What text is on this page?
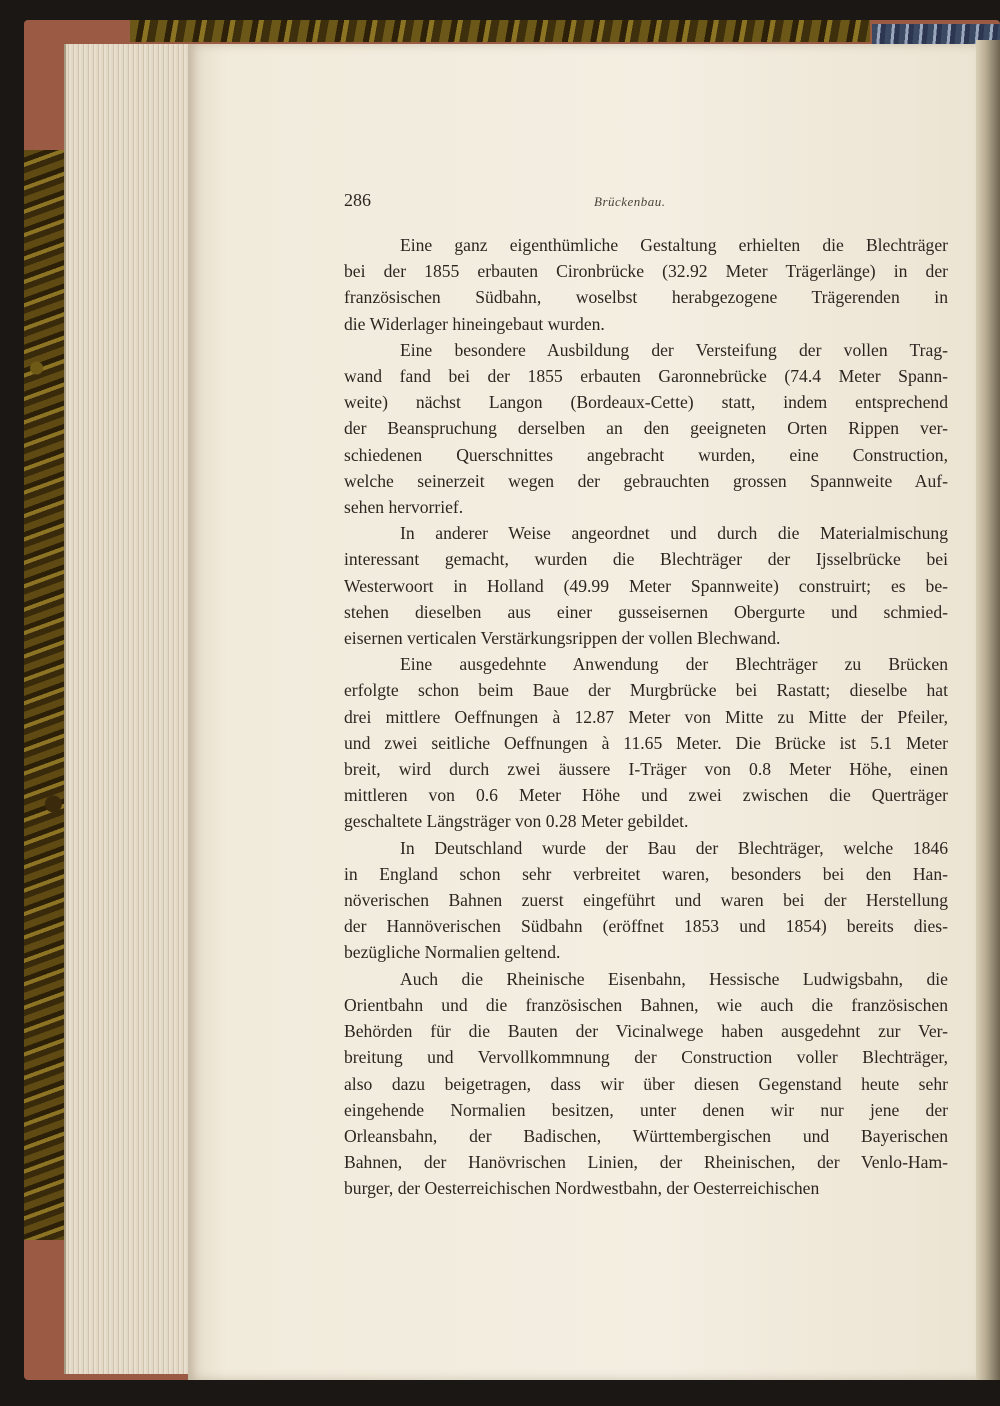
286	Brückenbau.
Eine ganz eigenthümliche Gestaltung erhielten die Blechträger
bei der 1855 erbauten Cironbrücke (32.92 Meter Trägerlänge) in der
französischen Südbahn, woselbst herabgezogene Trägerenden in
die Widerlager hineingebaut wurden.
Eine besondere Ausbildung der Versteifung der vollen Trag-
wand fand bei der 1855 erbauten Garonnebrücke (74.4 Meter Spann-
weite) nächst Langon (Bordeaux-Cette) statt, indem entsprechend
der Beanspruchung derselben an den geeigneten Orten Rippen ver-
schiedenen Querschnittes angebracht wurden, eine Construction,
welche seinerzeit wegen der gebrauchten grossen Spannweite Auf-
sehen hervorrief.
In anderer Weise angeordnet und durch die Materialmischung
interessant gemacht, wurden die Blechträger der Ijsselbrücke bei
Westerwoort in Holland (49.99 Meter Spannweite) construirt; es be-
stehen dieselben aus einer gusseisernen Obergurte und schmied-
eisernen verticalen Verstärkungsrippen der vollen Blechwand.
Eine ausgedehnte Anwendung der Blechträger zu Brücken
erfolgte schon beim Baue der Murgbrücke bei Rastatt; dieselbe hat
drei mittlere Oeffnungen à 12.87 Meter von Mitte zu Mitte der Pfeiler,
und zwei seitliche Oeffnungen à 11.65 Meter. Die Brücke ist 5.1 Meter
breit, wird durch zwei äussere I-Träger von 0.8 Meter Höhe, einen
mittleren von 0.6 Meter Höhe und zwei zwischen die Querträger
geschaltete Längsträger von 0.28 Meter gebildet.
In Deutschland wurde der Bau der Blechträger, welche 1846
in England schon sehr verbreitet waren, besonders bei den Han-
növerischen Bahnen zuerst eingeführt und waren bei der Herstellung
der Hannöverischen Südbahn (eröffnet 1853 und 1854) bereits dies-
bezügliche Normalien geltend.
Auch die Rheinische Eisenbahn, Hessische Ludwigsbahn, die
Orientbahn und die französischen Bahnen, wie auch die französischen
Behörden für die Bauten der Vicinalwege haben ausgedehnt zur Ver-
breitung und Vervollkommnung der Construction voller Blechträger,
also dazu beigetragen, dass wir über diesen Gegenstand heute sehr
eingehende Normalien besitzen, unter denen wir nur jene der
Orleansbahn, der Badischen, Württembergischen und Bayerischen
Bahnen, der Hanövrischen Linien, der Rheinischen, der Venlo-Ham-
burger, der Oesterreichischen Nordwestbahn, der Oesterreichischen
